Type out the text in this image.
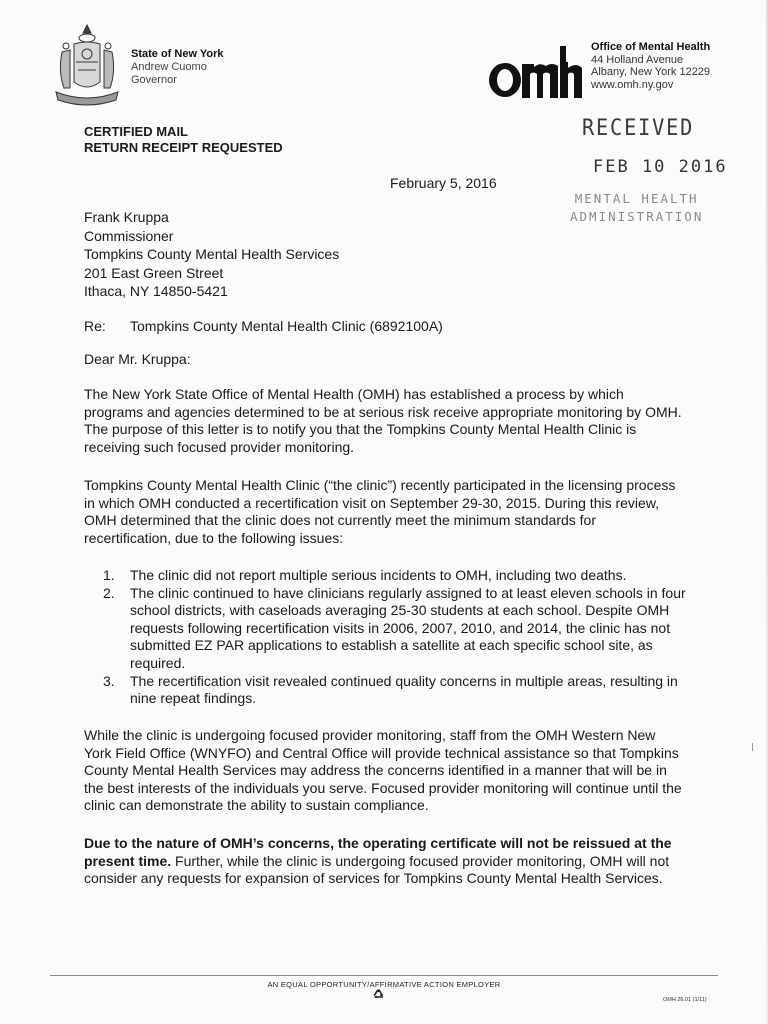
State of New York
Andrew Cuomo
Governor
Office of Mental Health
44 Holland Avenue
Albany, New York 12229
www.omh.ny.gov
RECEIVED
FEB 10 2016
MENTAL HEALTH
ADMINISTRATION
CERTIFIED MAIL
RETURN RECEIPT REQUESTED
February 5, 2016
Frank Kruppa
Commissioner
Tompkins County Mental Health Services
201 East Green Street
Ithaca, NY 14850-5421
Re: Tompkins County Mental Health Clinic (6892100A)
Dear Mr. Kruppa:
The New York State Office of Mental Health (OMH) has established a process by which programs and agencies determined to be at serious risk receive appropriate monitoring by OMH. The purpose of this letter is to notify you that the Tompkins County Mental Health Clinic is receiving such focused provider monitoring.
Tompkins County Mental Health Clinic (“the clinic”) recently participated in the licensing process in which OMH conducted a recertification visit on September 29-30, 2015. During this review, OMH determined that the clinic does not currently meet the minimum standards for recertification, due to the following issues:
1. The clinic did not report multiple serious incidents to OMH, including two deaths.
2. The clinic continued to have clinicians regularly assigned to at least eleven schools in four school districts, with caseloads averaging 25-30 students at each school. Despite OMH requests following recertification visits in 2006, 2007, 2010, and 2014, the clinic has not submitted EZ PAR applications to establish a satellite at each specific school site, as required.
3. The recertification visit revealed continued quality concerns in multiple areas, resulting in nine repeat findings.
While the clinic is undergoing focused provider monitoring, staff from the OMH Western New York Field Office (WNYFO) and Central Office will provide technical assistance so that Tompkins County Mental Health Services may address the concerns identified in a manner that will be in the best interests of the individuals you serve. Focused provider monitoring will continue until the clinic can demonstrate the ability to sustain compliance.
Due to the nature of OMH’s concerns, the operating certificate will not be reissued at the present time. Further, while the clinic is undergoing focused provider monitoring, OMH will not consider any requests for expansion of services for Tompkins County Mental Health Services.
AN EQUAL OPPORTUNITY/AFFIRMATIVE ACTION EMPLOYER
OMH 26.01 (1/11)
